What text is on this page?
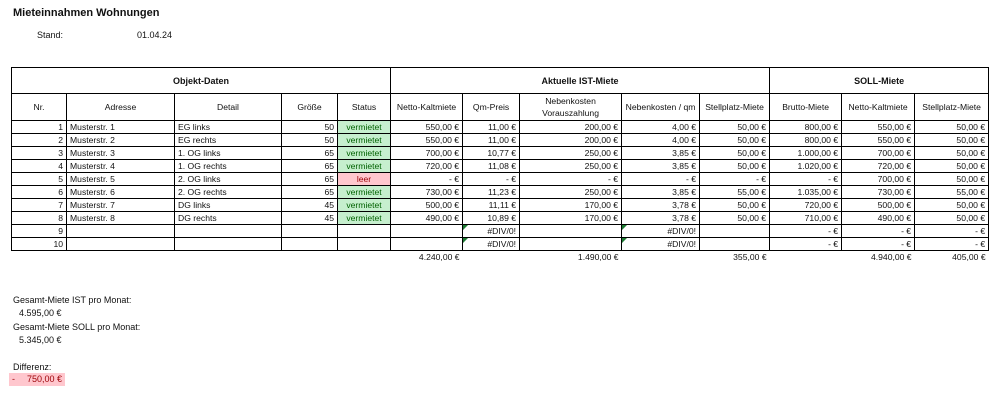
Mieteinnahmen Wohnungen
Stand:	01.04.24
Objekt-Daten					Aktuelle IST-Miete					SOLL-Miete		
Nr.	Adresse	Detail	Größe	Status	Netto-Kaltmiete	Qm-Preis	Nebenkosten Vorauszahlung	Nebenkosten / qm	Stellplatz-Miete	Brutto-Miete	Netto-Kaltmiete	Stellplatz-Miete
1	Musterstr. 1	EG links	50	vermietet	550,00 €	11,00 €	200,00 €	4,00 €	50,00 €	800,00 €	550,00 €	50,00 €
2	Musterstr. 2	EG rechts	50	vermietet	550,00 €	11,00 €	200,00 €	4,00 €	50,00 €	800,00 €	550,00 €	50,00 €
3	Musterstr. 3	1. OG links	65	vermietet	700,00 €	10,77 €	250,00 €	3,85 €	50,00 €	1.000,00 €	700,00 €	50,00 €
4	Musterstr. 4	1. OG rechts	65	vermietet	720,00 €	11,08 €	250,00 €	3,85 €	50,00 €	1.020,00 €	720,00 €	50,00 €
5	Musterstr. 5	2. OG links	65	leer	- €	- €	- €	- €	- €	- €	700,00 €	50,00 €
6	Musterstr. 6	2. OG rechts	65	vermietet	730,00 €	11,23 €	250,00 €	3,85 €	55,00 €	1.035,00 €	730,00 €	55,00 €
7	Musterstr. 7	DG links	45	vermietet	500,00 €	11,11 €	170,00 €	3,78 €	50,00 €	720,00 €	500,00 €	50,00 €
8	Musterstr. 8	DG rechts	45	vermietet	490,00 €	10,89 €	170,00 €	3,78 €	50,00 €	710,00 €	490,00 €	50,00 €
9						#DIV/0!		#DIV/0!		- €	- €	- €
10						#DIV/0!		#DIV/0!		- €	- €	- €
					4.240,00 €		1.490,00 €		355,00 €		4.940,00 €	405,00 €
Gesamt-Miete IST pro Monat:
4.595,00 €
Gesamt-Miete SOLL pro Monat:
5.345,00 €
Differenz:
- 750,00 €
